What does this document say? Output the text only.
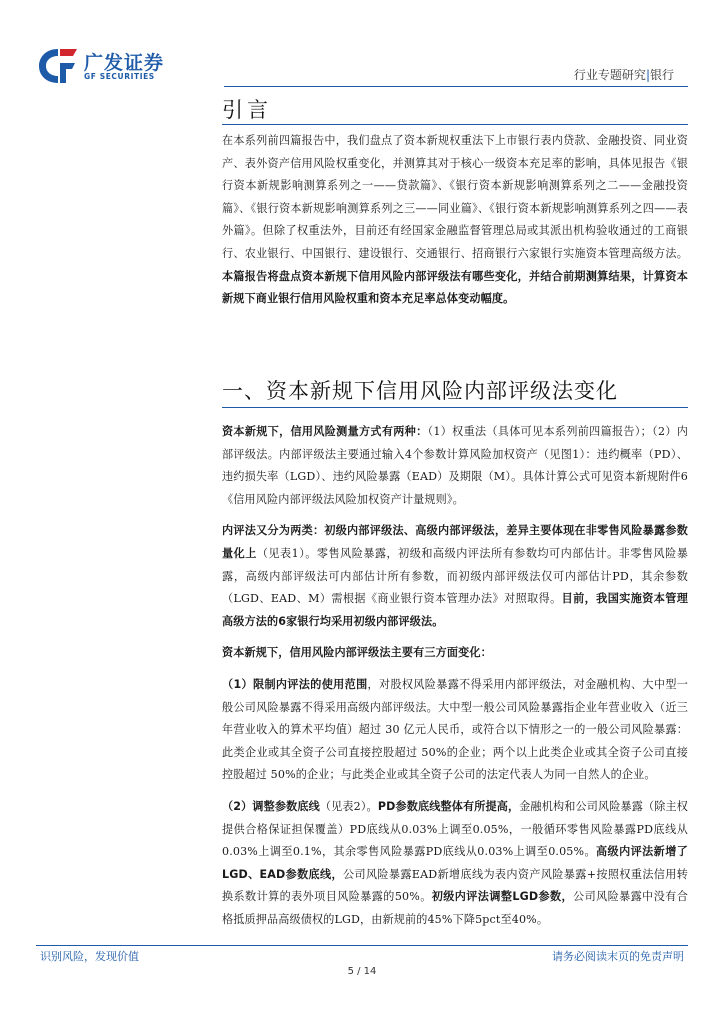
广发证券
GF SECURITIES	行业专题研究|银行
引言

在本系列前四篇报告中，我们盘点了资本新规权重法下上市银行表内贷款、金融投资、同业资产、表外资产信用风险权重变化，并测算其对于核心一级资本充足率的影响，具体见报告《银行资本新规影响测算系列之一——贷款篇》、《银行资本新规影响测算系列之二——金融投资篇》、《银行资本新规影响测算系列之三——同业篇》、《银行资本新规影响测算系列之四——表外篇》。但除了权重法外，目前还有经国家金融监督管理总局或其派出机构验收通过的工商银行、农业银行、中国银行、建设银行、交通银行、招商银行六家银行实施资本管理高级方法。本篇报告将盘点资本新规下信用风险内部评级法有哪些变化，并结合前期测算结果，计算资本新规下商业银行信用风险权重和资本充足率总体变动幅度。

一、资本新规下信用风险内部评级法变化

资本新规下，信用风险测量方式有两种：（1）权重法（具体可见本系列前四篇报告）；（2）内部评级法。内部评级法主要通过输入4个参数计算风险加权资产（见图1）：违约概率（PD）、违约损失率（LGD）、违约风险暴露（EAD）及期限（M）。具体计算公式可见资本新规附件6《信用风险内部评级法风险加权资产计量规则》。

内评法又分为两类：初级内部评级法、高级内部评级法，差异主要体现在非零售风险暴露参数量化上（见表1）。零售风险暴露，初级和高级内评法所有参数均可内部估计。非零售风险暴露，高级内部评级法可内部估计所有参数，而初级内部评级法仅可内部估计PD，其余参数（LGD、EAD、M）需根据《商业银行资本管理办法》对照取得。目前，我国实施资本管理高级方法的6家银行均采用初级内部评级法。

资本新规下，信用风险内部评级法主要有三方面变化：

（1）限制内评法的使用范围，对股权风险暴露不得采用内部评级法，对金融机构、大中型一般公司风险暴露不得采用高级内部评级法。大中型一般公司风险暴露指企业年营业收入（近三年营业收入的算术平均值）超过 30 亿元人民币，或符合以下情形之一的一般公司风险暴露：此类企业或其全资子公司直接控股超过 50%的企业；两个以上此类企业或其全资子公司直接控股超过 50%的企业；与此类企业或其全资子公司的法定代表人为同一自然人的企业。

（2）调整参数底线（见表2）。PD参数底线整体有所提高，金融机构和公司风险暴露（除主权提供合格保证担保覆盖）PD底线从0.03%上调至0.05%，一般循环零售风险暴露PD底线从0.03%上调至0.1%，其余零售风险暴露PD底线从0.03%上调至0.05%。高级内评法新增了LGD、EAD参数底线，公司风险暴露EAD新增底线为表内资产风险暴露+按照权重法信用转换系数计算的表外项目风险暴露的50%。初级内评法调整LGD参数，公司风险暴露中没有合格抵质押品高级债权的LGD，由新规前的45%下降5pct至40%。

识别风险，发现价值	请务必阅读末页的免责声明
5 / 14
